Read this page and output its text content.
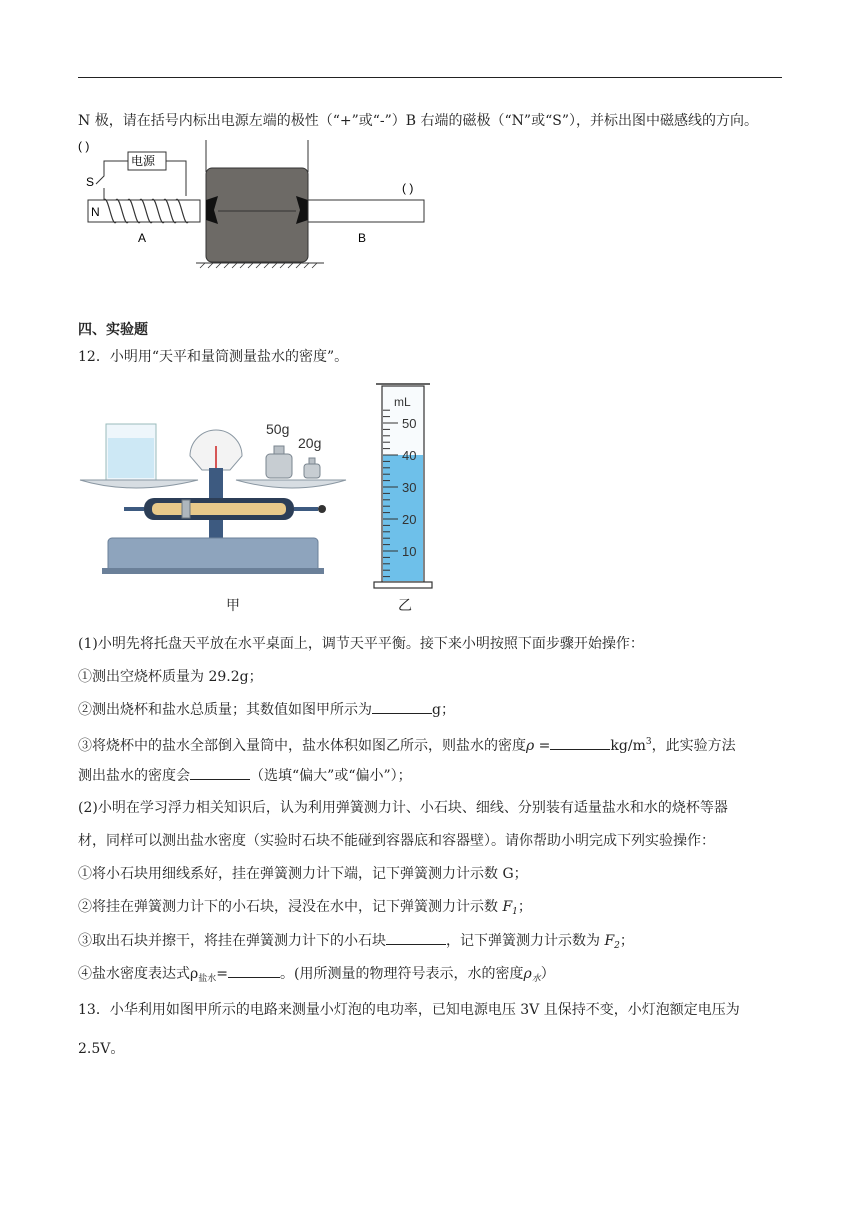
N 极，请在括号内标出电源左端的极性（“+”或“-”）B 右端的磁极（“N”或“S”），并标出图中磁感线的方向。
( )
电源
S
N
A	B
( )
四、实验题
12．小明用“天平和量筒测量盐水的密度”。
50g
20g
甲
mL
50
40
30
20
10
乙
(1)小明先将托盘天平放在水平桌面上，调节天平平衡。接下来小明按照下面步骤开始操作：
①测出空烧杯质量为 29.2g；
②测出烧杯和盐水总质量；其数值如图甲所示为	g；
③将烧杯中的盐水全部倒入量筒中，盐水体积如图乙所示，则盐水的密度ρ =	$kg/m^3$，此实验方法
测出盐水的密度会	（选填“偏大”或“偏小”）；
(2)小明在学习浮力相关知识后，认为利用弹簧测力计、小石块、细线、分别装有适量盐水和水的烧杯等器
材，同样可以测出盐水密度（实验时石块不能碰到容器底和容器壁）。请你帮助小明完成下列实验操作：
①将小石块用细线系好，挂在弹簧测力计下端，记下弹簧测力计示数 G；
②将挂在弹簧测力计下的小石块，浸没在水中，记下弹簧测力计示数 $F_1$；
③取出石块并擦干，将挂在弹簧测力计下的小石块	，记下弹簧测力计示数为 $F_2$；
④盐水密度表达式$\rho_{盐水}=$	。(用所测量的物理符号表示，水的密度$\rho_水$）
13．小华利用如图甲所示的电路来测量小灯泡的电功率，已知电源电压 3V 且保持不变，小灯泡额定电压为
2.5V。
